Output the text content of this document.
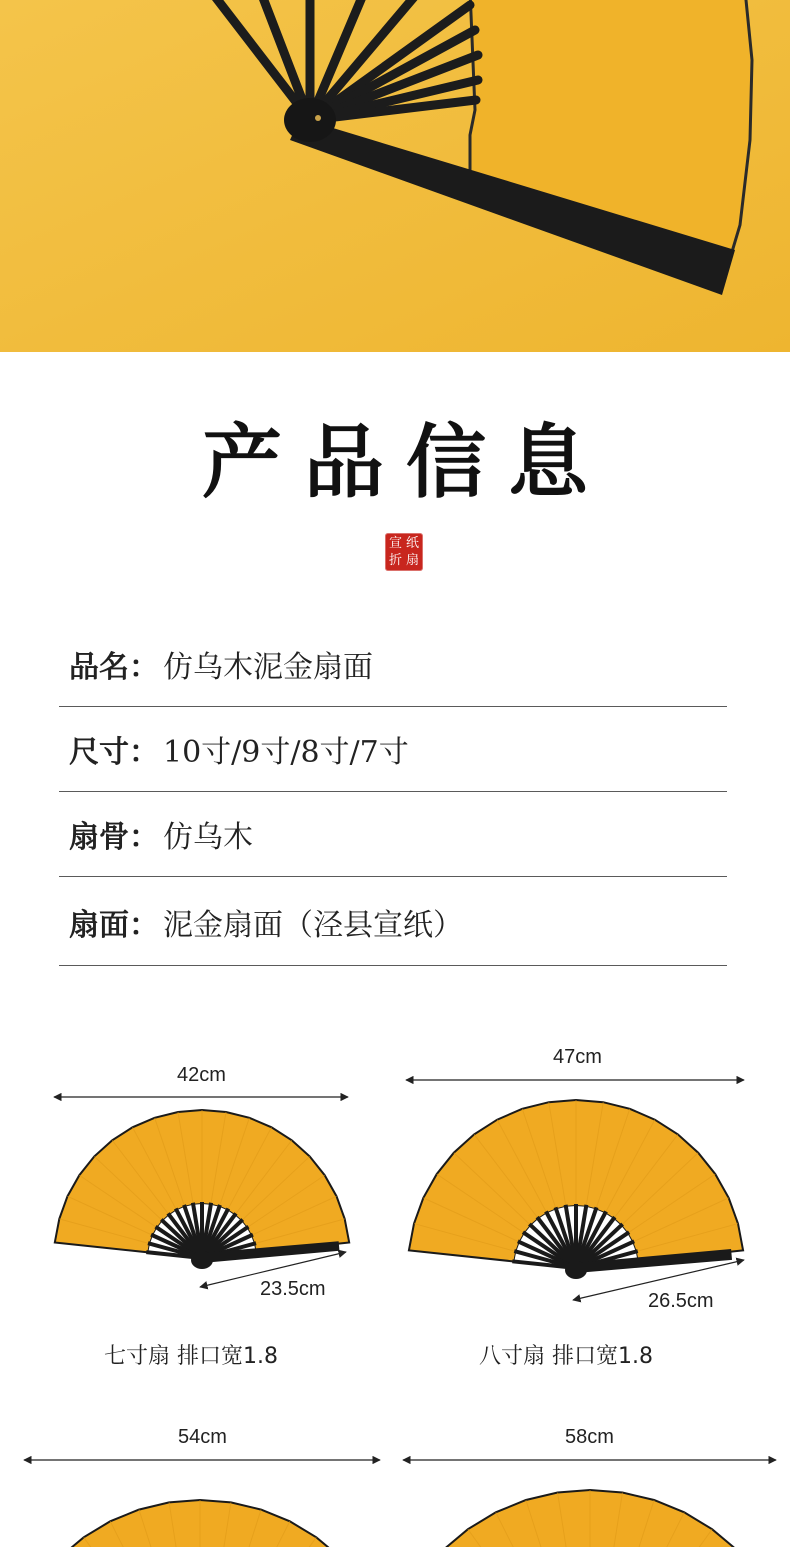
产品信息
宣 纸
折 扇
品名： 仿乌木泥金扇面
尺寸： 10寸/9寸/8寸/7寸
扇骨： 仿乌木
扇面： 泥金扇面（泾县宣纸）
42cm
23.5cm
七寸扇 排口宽1.8
47cm
26.5cm
八寸扇 排口宽1.8
54cm	58cm
